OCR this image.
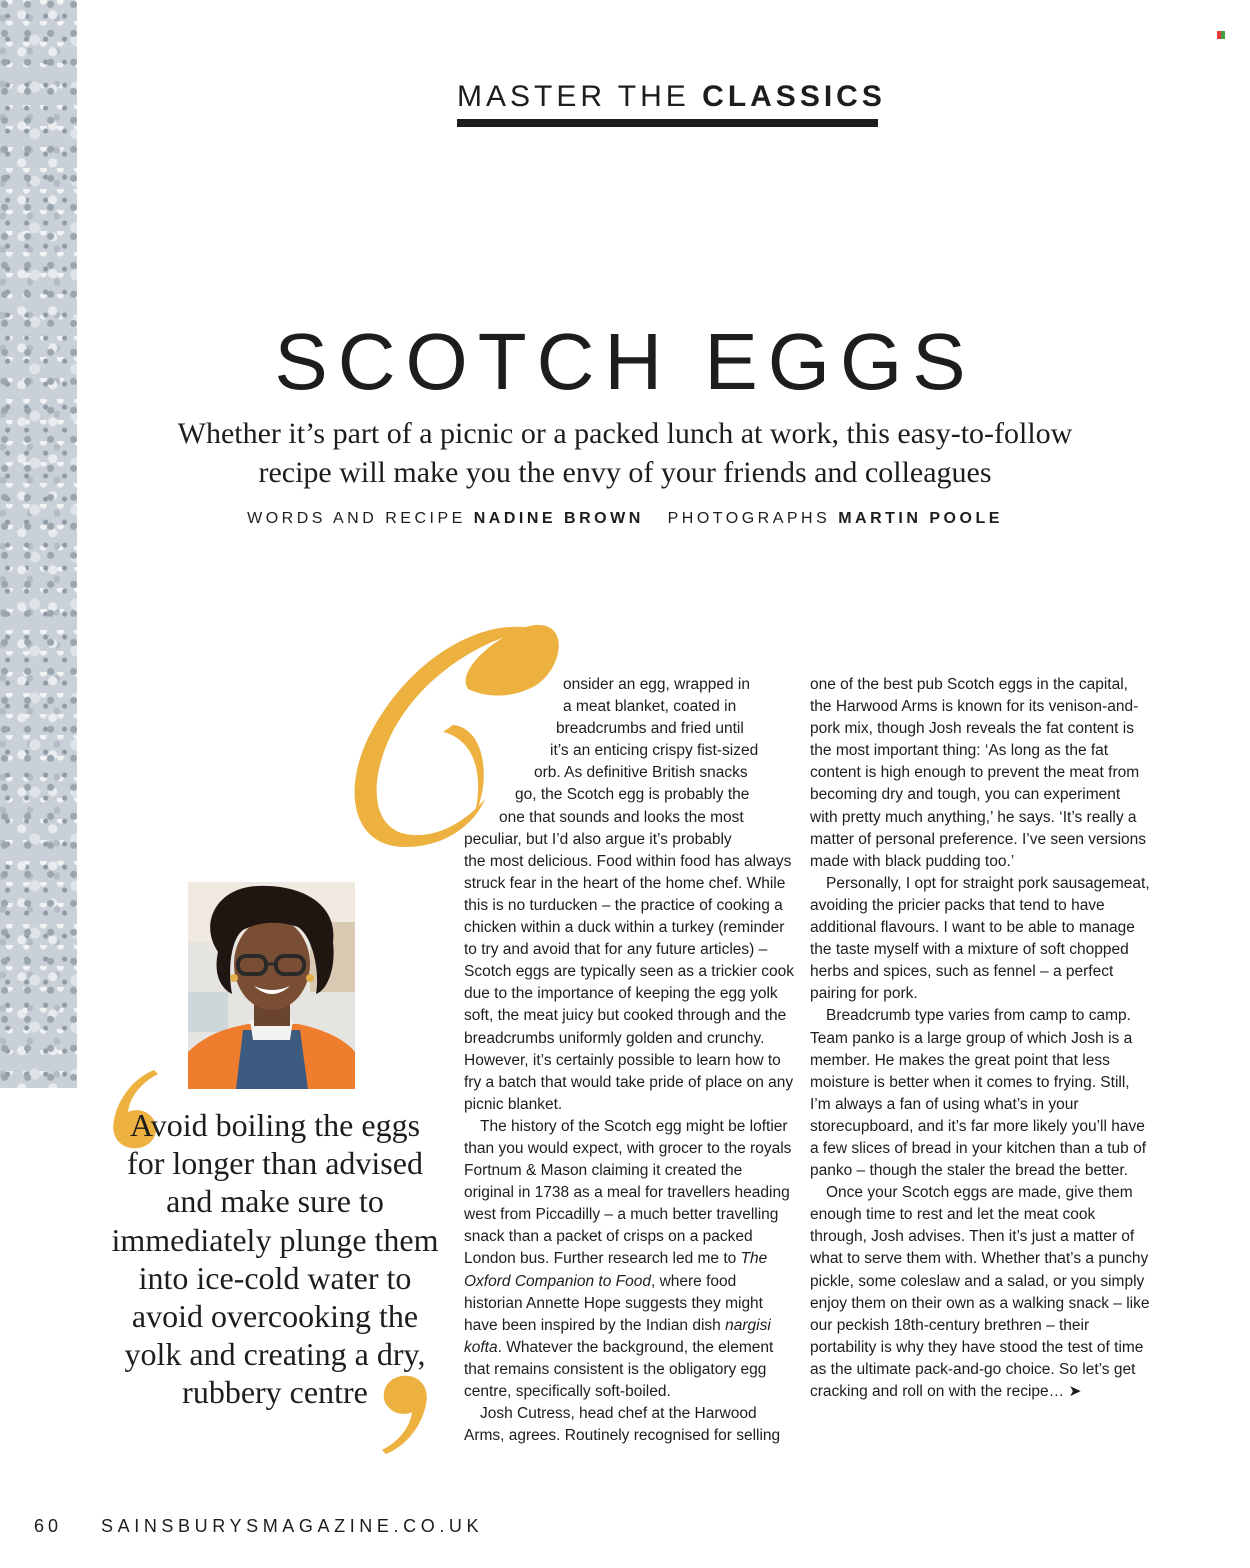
MASTER THE CLASSICS
SCOTCH EGGS
Whether it’s part of a picnic or a packed lunch at work, this easy-to-follow recipe will make you the envy of your friends and colleagues
WORDS AND RECIPE NADINE BROWN PHOTOGRAPHS MARTIN POOLE

onsider an egg, wrapped in
a meat blanket, coated in
breadcrumbs and fried until
it’s an enticing crispy fist-sized
orb. As definitive British snacks
go, the Scotch egg is probably the
one that sounds and looks the most
peculiar, but I’d also argue it’s probably
the most delicious. Food within food has always struck fear in the heart of the home chef. While this is no turducken – the practice of cooking a chicken within a duck within a turkey (reminder to try and avoid that for any future articles) – Scotch eggs are typically seen as a trickier cook due to the importance of keeping the egg yolk soft, the meat juicy but cooked through and the breadcrumbs uniformly golden and crunchy. However, it’s certainly possible to learn how to fry a batch that would take pride of place on any picnic blanket.

The history of the Scotch egg might be loftier than you would expect, with grocer to the royals Fortnum & Mason claiming it created the original in 1738 as a meal for travellers heading west from Piccadilly – a much better travelling snack than a packet of crisps on a packed London bus. Further research led me to The Oxford Companion to Food, where food historian Annette Hope suggests they might have been inspired by the Indian dish nargisi kofta. Whatever the background, the element that remains consistent is the obligatory egg centre, specifically soft-boiled.

Josh Cutress, head chef at the Harwood Arms, agrees. Routinely recognised for selling

one of the best pub Scotch eggs in the capital, the Harwood Arms is known for its venison-and-pork mix, though Josh reveals the fat content is the most important thing: ‘As long as the fat content is high enough to prevent the meat from becoming dry and tough, you can experiment with pretty much anything,’ he says. ‘It’s really a matter of personal preference. I’ve seen versions made with black pudding too.’

Personally, I opt for straight pork sausagemeat, avoiding the pricier packs that tend to have additional flavours. I want to be able to manage the taste myself with a mixture of soft chopped herbs and spices, such as fennel – a perfect pairing for pork.

Breadcrumb type varies from camp to camp. Team panko is a large group of which Josh is a member. He makes the great point that less moisture is better when it comes to frying. Still, I’m always a fan of using what’s in your storecupboard, and it’s far more likely you’ll have a few slices of bread in your kitchen than a tub of panko – though the staler the bread the better.

Once your Scotch eggs are made, give them enough time to rest and let the meat cook through, Josh advises. Then it’s just a matter of what to serve them with. Whether that’s a punchy pickle, some coleslaw and a salad, or you simply enjoy them on their own as a walking snack – like our peckish 18th-century brethren – their portability is why they have stood the test of time as the ultimate pack-and-go choice. So let’s get cracking and roll on with the recipe… ➤

Avoid boiling the eggs for longer than advised and make sure to immediately plunge them into ice-cold water to avoid overcooking the yolk and creating a dry, rubbery centre
60 SAINSBURYSMAGAZINE.CO.UK
